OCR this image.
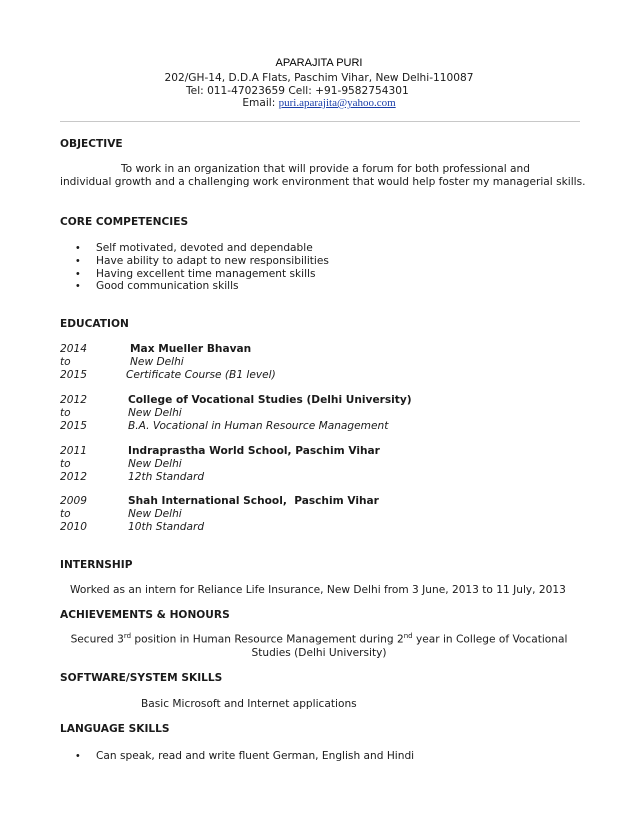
APARAJITA PURI
202/GH-14, D.D.A Flats, Paschim Vihar, New Delhi-110087
Tel: 011-47023659 Cell: +91-9582754301
Email: puri.aparajita@yahoo.com
OBJECTIVE
To work in an organization that will provide a forum for both professional and
individual growth and a challenging work environment that would help foster my managerial skills.
CORE COMPETENCIES
• Self motivated, devoted and dependable
• Have ability to adapt to new responsibilities
• Having excellent time management skills
• Good communication skills
EDUCATION
2014
to
2015
Max Mueller Bhavan
New Delhi
Certificate Course (B1 level)
2012
to
2015
College of Vocational Studies (Delhi University)
New Delhi
B.A. Vocational in Human Resource Management
2011
to
2012
Indraprastha World School, Paschim Vihar
New Delhi
12th Standard
2009
to
2010
Shah International School,  Paschim Vihar
New Delhi
10th Standard
INTERNSHIP
Worked as an intern for Reliance Life Insurance, New Delhi from 3 June, 2013 to 11 July, 2013
ACHIEVEMENTS & HONOURS
Secured 3rd position in Human Resource Management during 2nd year in College of Vocational
Studies (Delhi University)
SOFTWARE/SYSTEM SKILLS
Basic Microsoft and Internet applications
LANGUAGE SKILLS
• Can speak, read and write fluent German, English and Hindi
